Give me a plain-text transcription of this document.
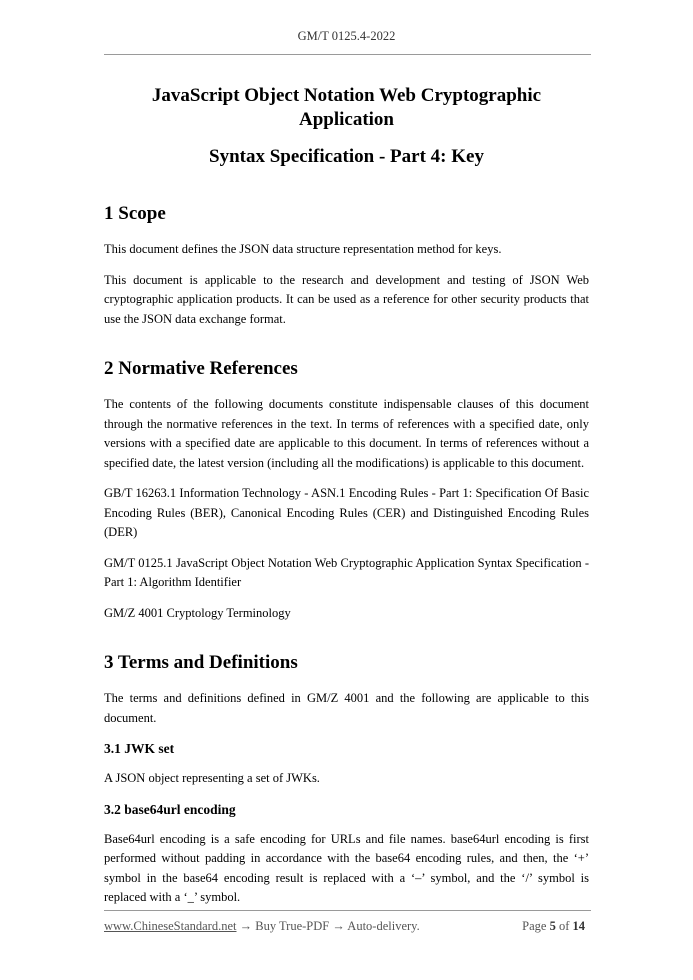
GM/T 0125.4-2022
JavaScript Object Notation Web Cryptographic Application
Syntax Specification - Part 4: Key
1 Scope

This document defines the JSON data structure representation method for keys.

This document is applicable to the research and development and testing of JSON Web cryptographic application products. It can be used as a reference for other security products that use the JSON data exchange format.

2 Normative References

The contents of the following documents constitute indispensable clauses of this document through the normative references in the text. In terms of references with a specified date, only versions with a specified date are applicable to this document. In terms of references without a specified date, the latest version (including all the modifications) is applicable to this document.

GB/T 16263.1 Information Technology - ASN.1 Encoding Rules - Part 1: Specification Of Basic Encoding Rules (BER), Canonical Encoding Rules (CER) and Distinguished Encoding Rules (DER)

GM/T 0125.1 JavaScript Object Notation Web Cryptographic Application Syntax Specification - Part 1: Algorithm Identifier

GM/Z 4001 Cryptology Terminology

3 Terms and Definitions

The terms and definitions defined in GM/Z 4001 and the following are applicable to this document.

3.1 JWK set

A JSON object representing a set of JWKs.

3.2 base64url encoding

Base64url encoding is a safe encoding for URLs and file names. base64url encoding is first performed without padding in accordance with the base64 encoding rules, and then, the ‘+’ symbol in the base64 encoding result is replaced with a ‘–’ symbol, and the ‘/’ symbol is replaced with a ‘_’ symbol.

www.ChineseStandard.net → Buy True-PDF → Auto-delivery.	Page 5 of 14
